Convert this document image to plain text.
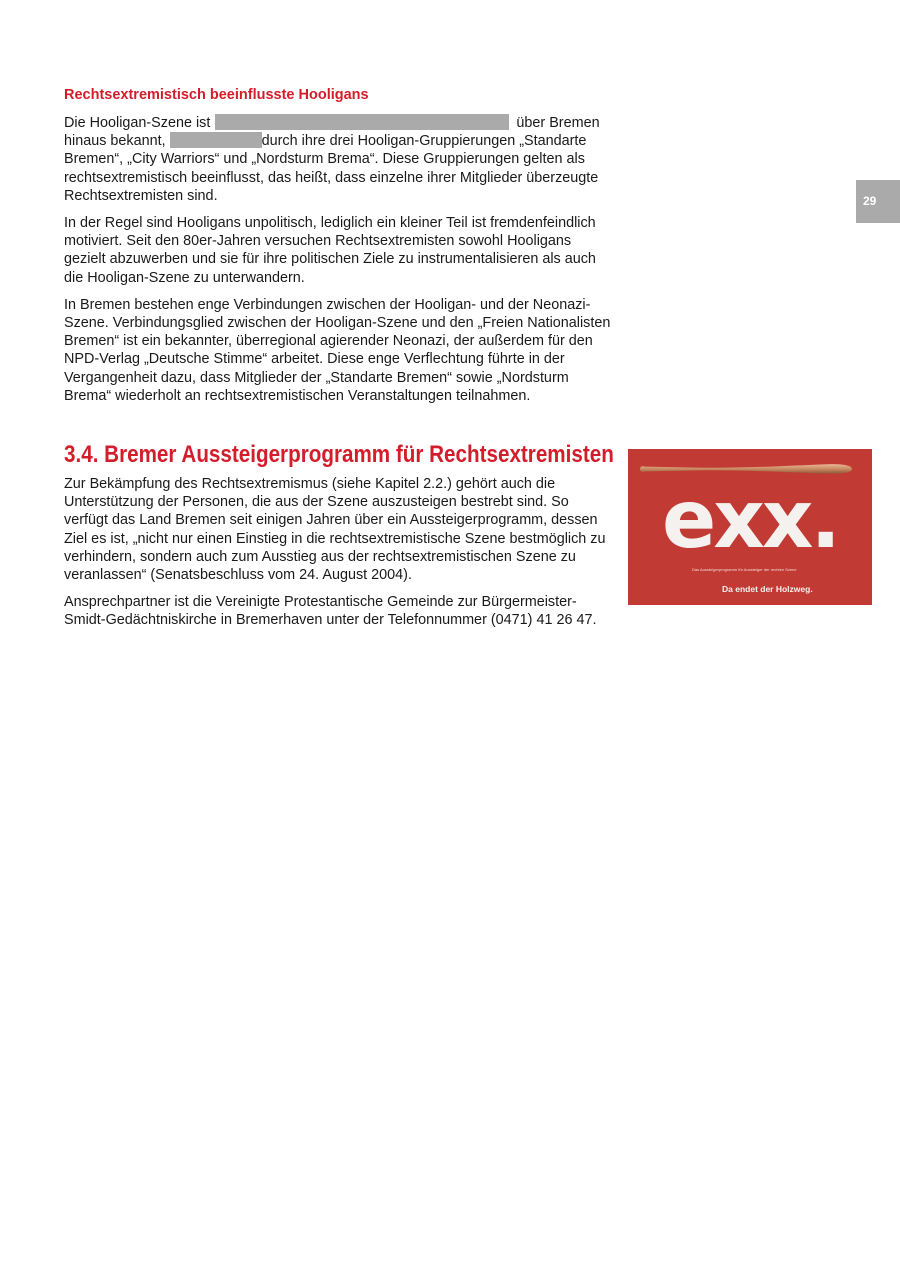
29
Rechtsextremistisch beeinflusste Hooligans

Die Hooligan-Szene ist	über Bremen hinaus bekannt,	durch ihre drei Hooligan-Gruppierungen „Standarte Bremen“, „City Warriors“ und „Nordsturm Brema“. Diese Gruppierungen gelten als rechtsextremistisch beeinflusst, das heißt, dass einzelne ihrer Mitglieder überzeugte Rechtsextremisten sind.

In der Regel sind Hooligans unpolitisch, lediglich ein kleiner Teil ist fremdenfeindlich motiviert. Seit den 80er-Jahren versuchen Rechtsextremisten sowohl Hooligans gezielt abzuwerben und sie für ihre politischen Ziele zu instrumentalisieren als auch die Hooligan-Szene zu unterwandern.

In Bremen bestehen enge Verbindungen zwischen der Hooligan- und der Neonazi-Szene. Verbindungsglied zwischen der Hooligan-Szene und den „Freien Nationalisten Bremen“ ist ein bekannter, überregional agierender Neonazi, der außerdem für den NPD-Verlag „Deutsche Stimme“ arbeitet. Diese enge Verflechtung führte in der Vergangenheit dazu, dass Mitglieder der „Standarte Bremen“ sowie „Nordsturm Brema“ wiederholt an rechtsextremistischen Veranstaltungen teilnahmen.

3.4. Bremer Aussteigerprogramm für Rechtsextremisten

Zur Bekämpfung des Rechtsextremismus (siehe Kapitel 2.2.) gehört auch die Unterstützung der Personen, die aus der Szene auszusteigen bestrebt sind. So verfügt das Land Bremen seit einigen Jahren über ein Aussteigerprogramm, dessen Ziel es ist, „nicht nur einen Einstieg in die rechtsextremistische Szene bestmöglich zu verhindern, sondern auch zum Ausstieg aus der rechtsextremistischen Szene zu veranlassen“ (Senatsbeschluss vom 24. August 2004).

Ansprechpartner ist die Vereinigte Protestantische Gemeinde zur Bürgermeister-Smidt-Gedächtniskirche in Bremerhaven unter der Telefonnummer (0471) 41 26 47.

exx.
Das Aussteigerprogramm für Aussteiger der rechten Szene
Da endet der Holzweg.
